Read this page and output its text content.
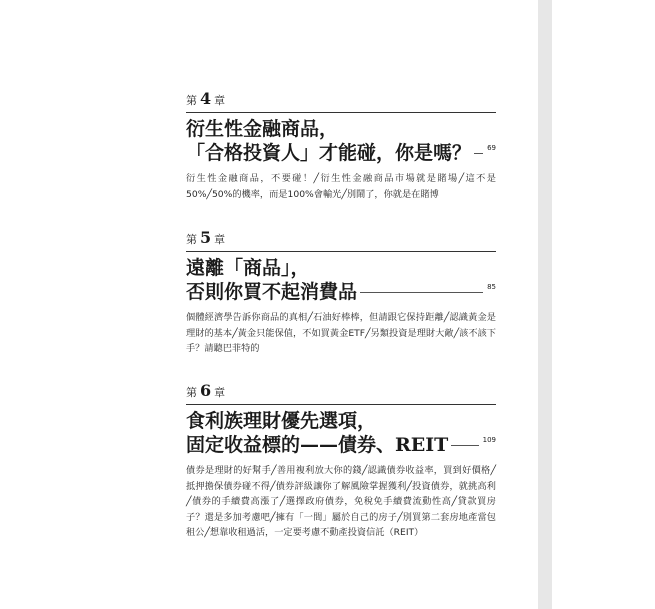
第 4 章
衍生性金融商品，
「合格投資人」才能碰，你是嗎？ 69
衍生性金融商品，不要碰！╱衍生性金融商品市場就是賭場╱這不是50%╱50%的機率，而是100%會輸光╱別鬧了，你就是在賭博
第 5 章
遠離「商品」，
否則你買不起消費品	85
個體經濟學告訴你商品的真相╱石油好棒棒，但請跟它保持距離╱認識黃金是理財的基本╱黃金只能保值，不如買黃金ETF╱另類投資是理財大敵╱該不該下手？請聽巴菲特的
第 6 章
食利族理財優先選項，
固定收益標的——債券、REIT	109
債券是理財的好幫手╱善用複利放大你的錢╱認識債券收益率，買到好價格╱抵押擔保債券碰不得╱債券評級讓你了解風險掌握獲利╱投資債券，就挑高利╱債券的手續費高漲了╱選擇政府債券，免稅免手續費流動性高╱貸款買房子？還是多加考慮吧╱擁有「一間」屬於自己的房子╱別買第二套房地產當包租公╱想靠收租過活，一定要考慮不動產投資信託（REIT）
